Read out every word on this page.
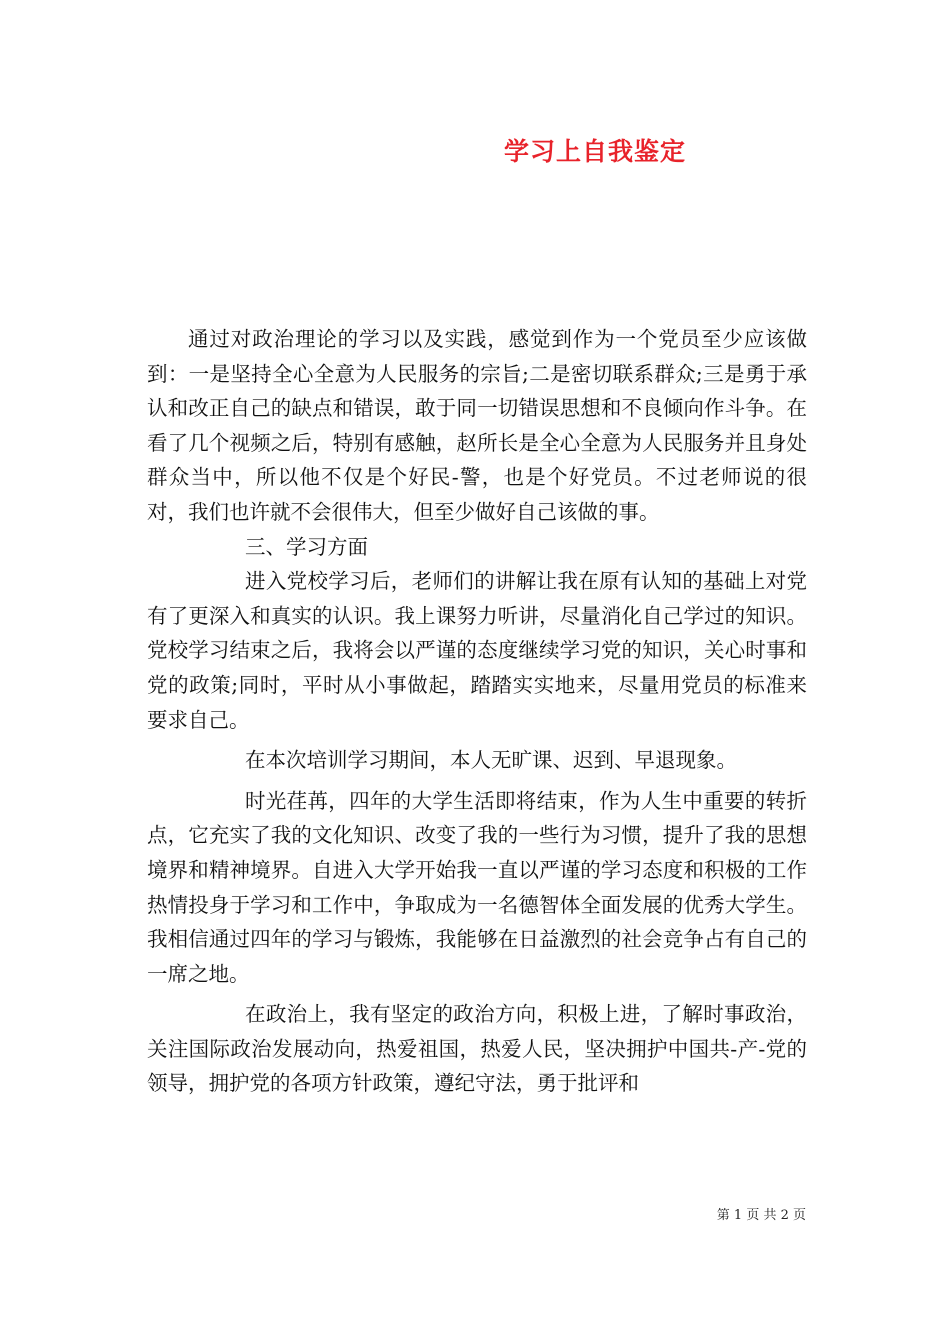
学习上自我鉴定

通过对政治理论的学习以及实践，感觉到作为一个党员至少应该做到：一是坚持全心全意为人民服务的宗旨;二是密切联系群众;三是勇于承认和改正自己的缺点和错误，敢于同一切错误思想和不良倾向作斗争。在看了几个视频之后，特别有感触，赵所长是全心全意为人民服务并且身处群众当中，所以他不仅是个好民-警，也是个好党员。不过老师说的很对，我们也许就不会很伟大，但至少做好自己该做的事。

三、学习方面

进入党校学习后，老师们的讲解让我在原有认知的基础上对党有了更深入和真实的认识。我上课努力听讲，尽量消化自己学过的知识。党校学习结束之后，我将会以严谨的态度继续学习党的知识，关心时事和党的政策;同时，平时从小事做起，踏踏实实地来，尽量用党员的标准来要求自己。

在本次培训学习期间，本人无旷课、迟到、早退现象。

时光荏苒，四年的大学生活即将结束，作为人生中重要的转折点，它充实了我的文化知识、改变了我的一些行为习惯，提升了我的思想境界和精神境界。自进入大学开始我一直以严谨的学习态度和积极的工作热情投身于学习和工作中，争取成为一名德智体全面发展的优秀大学生。我相信通过四年的学习与锻炼，我能够在日益激烈的社会竞争占有自己的一席之地。

在政治上，我有坚定的政治方向，积极上进，了解时事政治，关注国际政治发展动向，热爱祖国，热爱人民，坚决拥护中国共-产-党的领导，拥护党的各项方针政策，遵纪守法，勇于批评和

第 1 页 共 2 页
